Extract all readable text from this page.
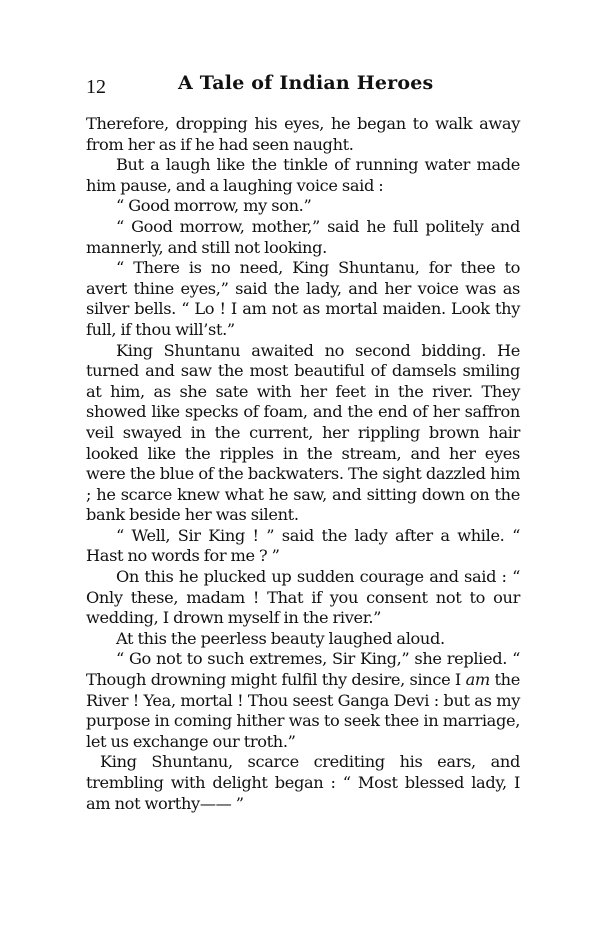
12	A Tale of Indian Heroes

Therefore, dropping his eyes, he began to walk away from her as if he had seen naught.

But a laugh like the tinkle of running water made him pause, and a laughing voice said :

“ Good morrow, my son.”

“ Good morrow, mother,” said he full politely and mannerly, and still not looking.

“ There is no need, King Shuntanu, for thee to avert thine eyes,” said the lady, and her voice was as silver bells. “ Lo ! I am not as mortal maiden. Look thy full, if thou will’st.”

King Shuntanu awaited no second bidding. He turned and saw the most beautiful of damsels smiling at him, as she sate with her feet in the river. They showed like specks of foam, and the end of her saffron veil swayed in the current, her rippling brown hair looked like the ripples in the stream, and her eyes were the blue of the backwaters. The sight dazzled him ; he scarce knew what he saw, and sitting down on the bank beside her was silent.

“ Well, Sir King ! ” said the lady after a while. “ Hast no words for me ? ”

On this he plucked up sudden courage and said : “ Only these, madam ! That if you consent not to our wedding, I drown myself in the river.”

At this the peerless beauty laughed aloud.

“ Go not to such extremes, Sir King,” she replied. “ Though drowning might fulfil thy desire, since I am the River ! Yea, mortal ! Thou seest Ganga Devi : but as my purpose in coming hither was to seek thee in marriage, let us exchange our troth.”

King Shuntanu, scarce crediting his ears, and trembling with delight began : “ Most blessed lady, I am not worthy—— ”
